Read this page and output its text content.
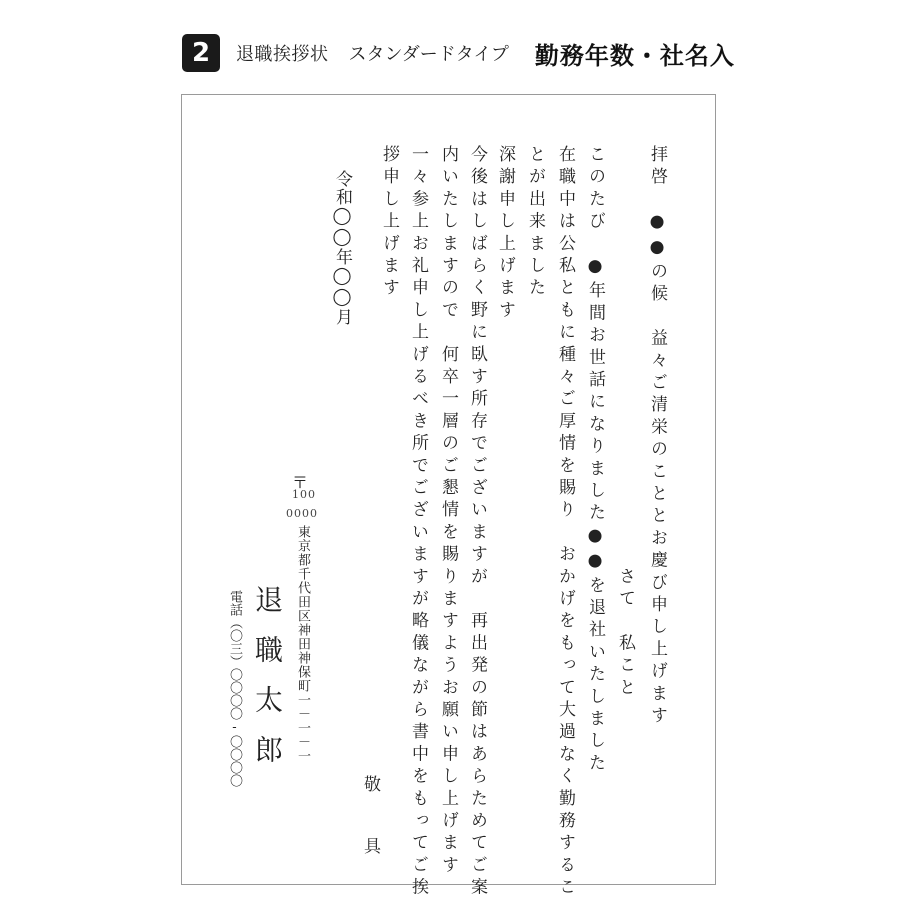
2	退職挨拶状 スタンダードタイプ 勤務年数・社名入
拝啓　●●の候　益々ご清栄のこととお慶び申し上げます
　　　　　　　　　　　　　　　　　　　さて　私こと
このたび　●年間お世話になりました●●を退社いたしました
在職中は公私ともに種々ご厚情を賜り　おかげをもって大過なく勤務するこ
とが出来ました
深謝申し上げます
今後はしばらく野に臥す所存でございますが　再出発の節はあらためてご案
内いたしますので　何卒一層のご懇情を賜りますようお願い申し上げます
一々参上お礼申し上げるべき所でございますが略儀ながら書中をもってご挨
拶申し上げます
敬　具
令和◯◯年◯◯月
〒
100
0000
東京都千代田区神田神保町一－一－一
退職太郎
電話（〇三）〇〇〇〇-〇〇〇〇
